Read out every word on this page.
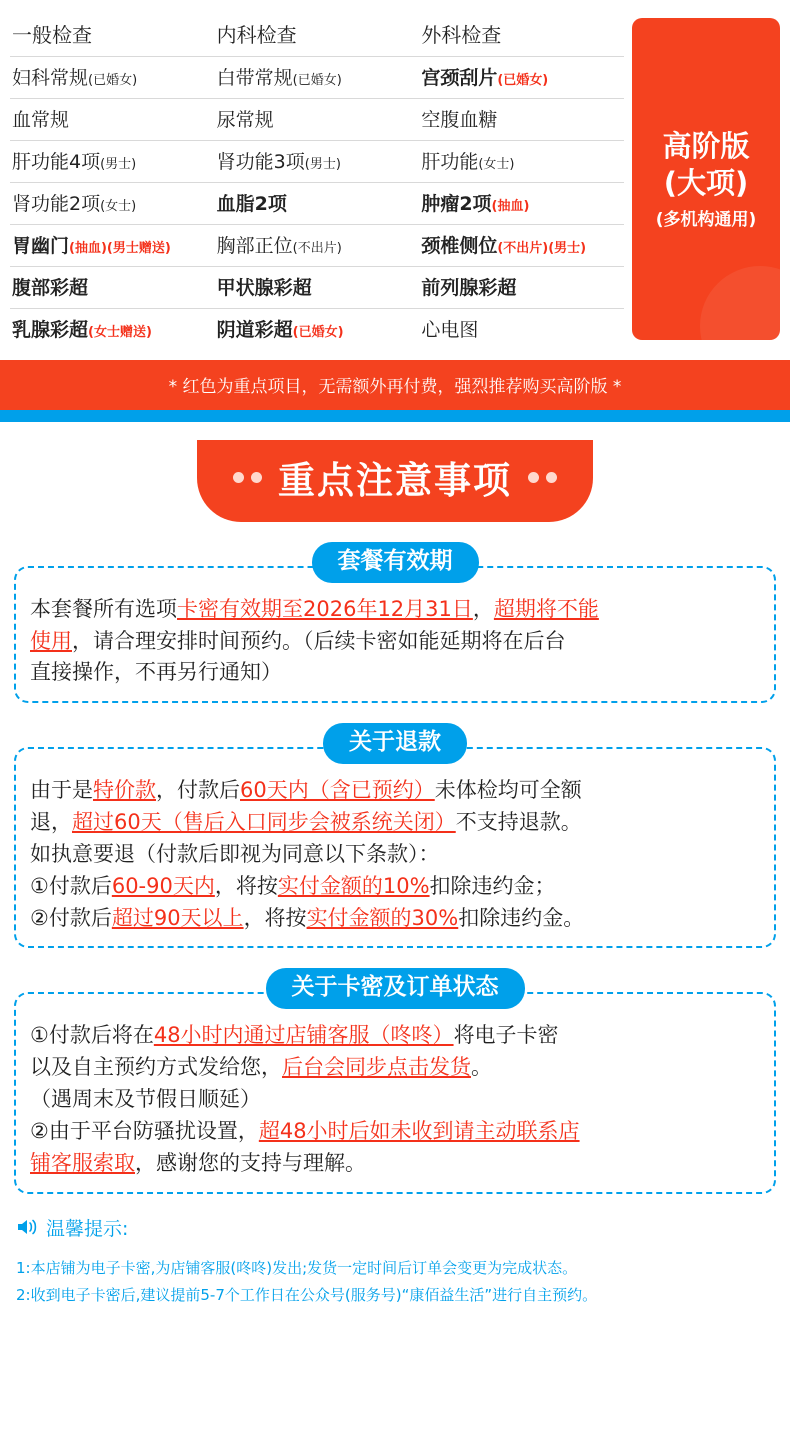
一般检查	内科检查	外科检查
妇科常规(已婚女)	白带常规(已婚女)	宫颈刮片(已婚女)
血常规	尿常规	空腹血糖
肝功能4项(男士)	肾功能3项(男士)	肝功能(女士)
肾功能2项(女士)	血脂2项	肿瘤2项(抽血)
胃幽门(抽血)(男士赠送)	胸部正位(不出片)	颈椎侧位(不出片)(男士)
腹部彩超	甲状腺彩超	前列腺彩超
乳腺彩超(女士赠送)	阴道彩超(已婚女)	心电图
高阶版
(大项)
(多机构通用)
* 红色为重点项目，无需额外再付费，强烈推荐购买高阶版 *
重点注意事项
套餐有效期

本套餐所有选项卡密有效期至2026年12月31日，超期将不能

使用，请合理安排时间预约。（后续卡密如能延期将在后台

直接操作，不再另行通知）

关于退款

由于是特价款，付款后60天内（含已预约）未体检均可全额

退，超过60天（售后入口同步会被系统关闭）不支持退款。

如执意要退（付款后即视为同意以下条款）：

①付款后60-90天内，将按实付金额的10%扣除违约金；

②付款后超过90天以上，将按实付金额的30%扣除违约金。

关于卡密及订单状态

①付款后将在48小时内通过店铺客服（咚咚）将电子卡密

以及自主预约方式发给您，后台会同步点击发货。

（遇周末及节假日顺延）

②由于平台防骚扰设置，超48小时后如未收到请主动联系店

铺客服索取，感谢您的支持与理解。

温馨提示:
1:本店铺为电子卡密,为店铺客服(咚咚)发出;发货一定时间后订单会变更为完成状态。
2:收到电子卡密后,建议提前5-7个工作日在公众号(服务号)“康佰益生活”进行自主预约。
